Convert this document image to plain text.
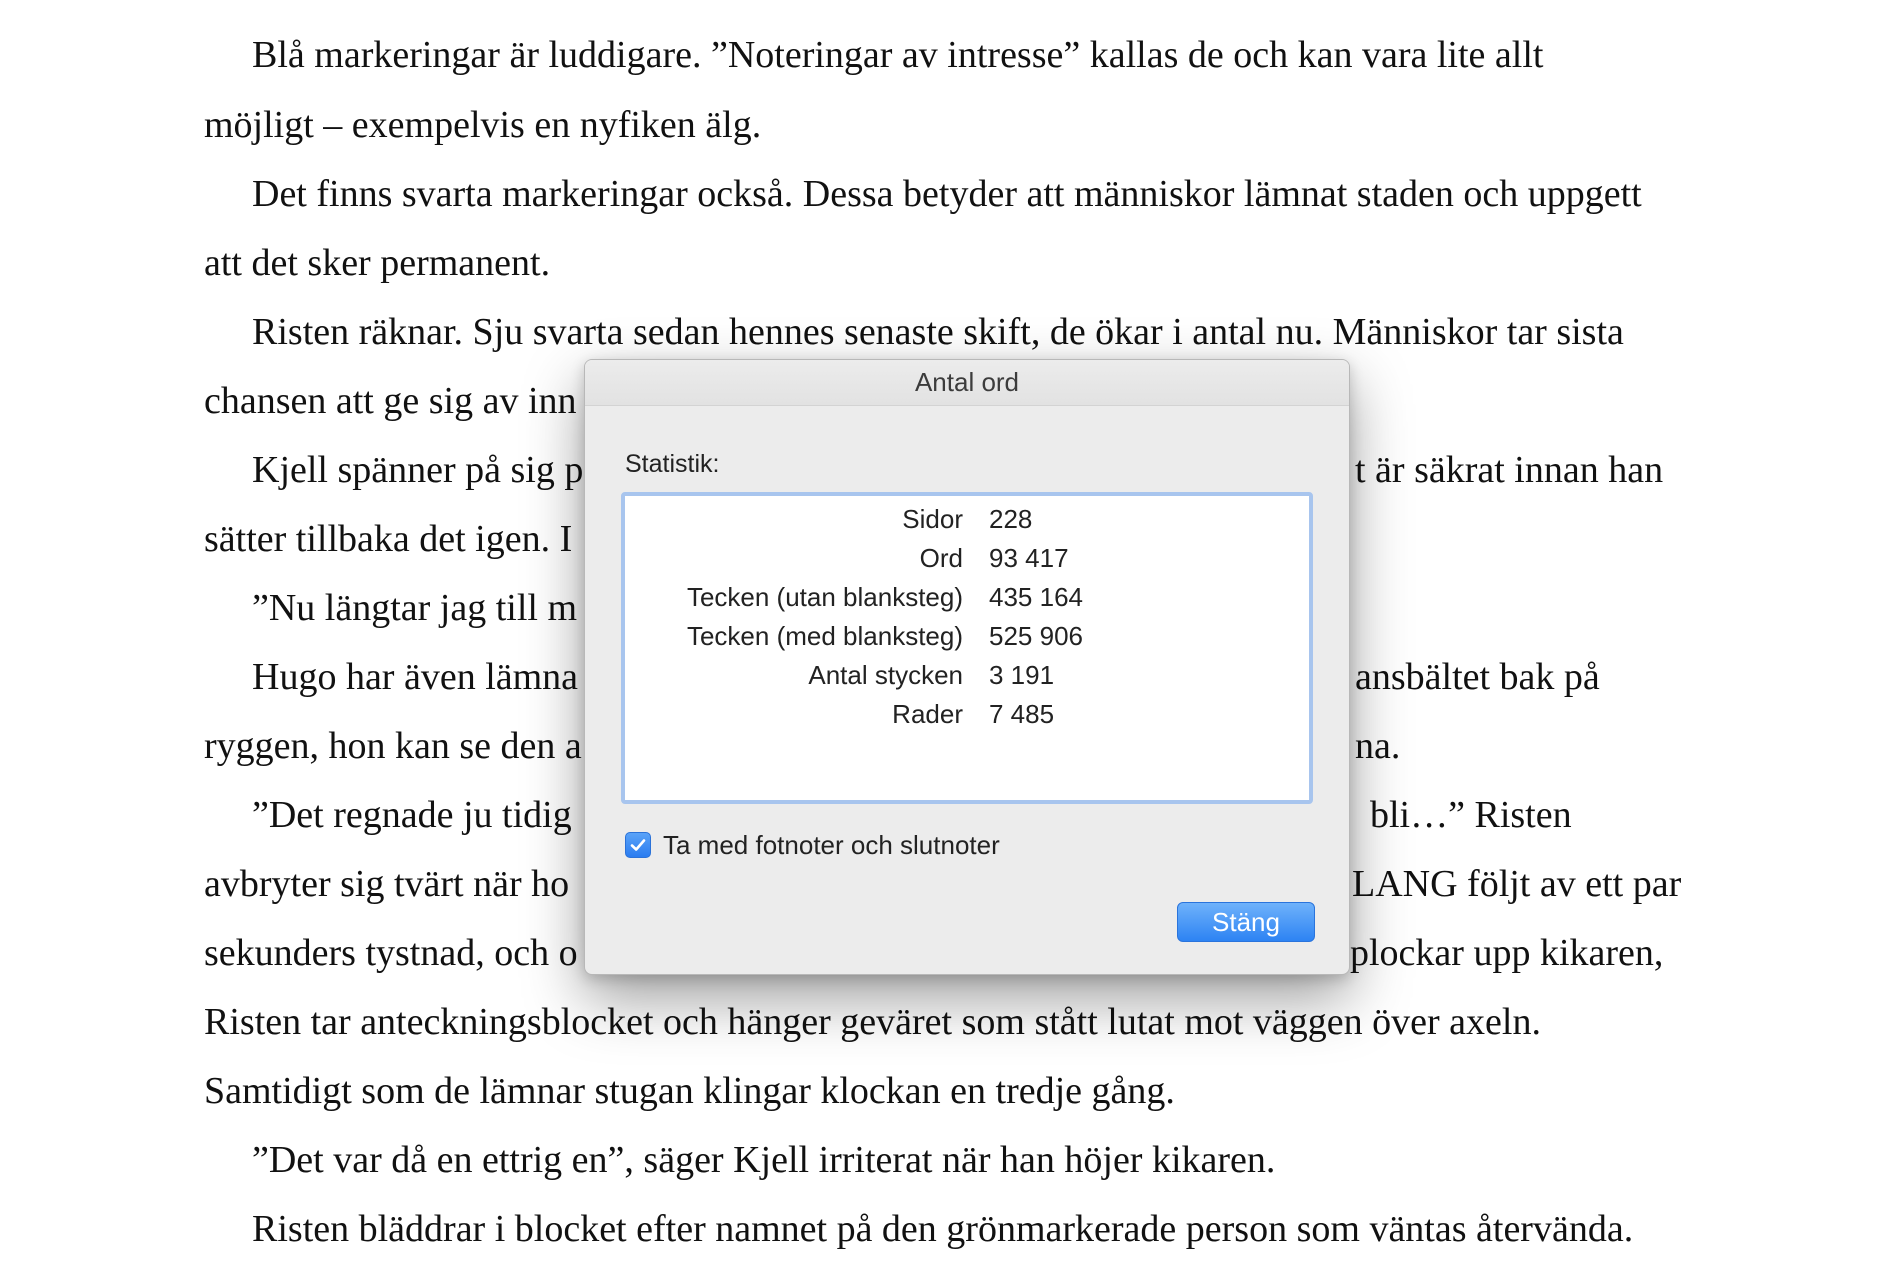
Blå markeringar är luddigare. ”Noteringar av intresse” kallas de och kan vara lite allt
möjligt – exempelvis en nyfiken älg.
Det finns svarta markeringar också. Dessa betyder att människor lämnat staden och uppgett
att det sker permanent.
Risten räknar. Sju svarta sedan hennes senaste skift, de ökar i antal nu. Människor tar sista
chansen att ge sig av inn
Kjell spänner på sig p	t är säkrat innan han
sätter tillbaka det igen. I
”Nu längtar jag till m
Hugo har även lämna	ansbältet bak på
ryggen, hon kan se den a	na.
”Det regnade ju tidig	bli…” Risten
avbryter sig tvärt när ho	LANG följt av ett par
sekunders tystnad, och o	plockar upp kikaren,
Risten tar anteckningsblocket och hänger geväret som stått lutat mot väggen över axeln.
Samtidigt som de lämnar stugan klingar klockan en tredje gång.
”Det var då en ettrig en”, säger Kjell irriterat när han höjer kikaren.
Risten bläddrar i blocket efter namnet på den grönmarkerade person som väntas återvända.
Antal ord
Statistik:
Sidor 228
Ord 93 417
Tecken (utan blanksteg) 435 164
Tecken (med blanksteg) 525 906
Antal stycken 3 191
Rader 7 485
Ta med fotnoter och slutnoter
Stäng
